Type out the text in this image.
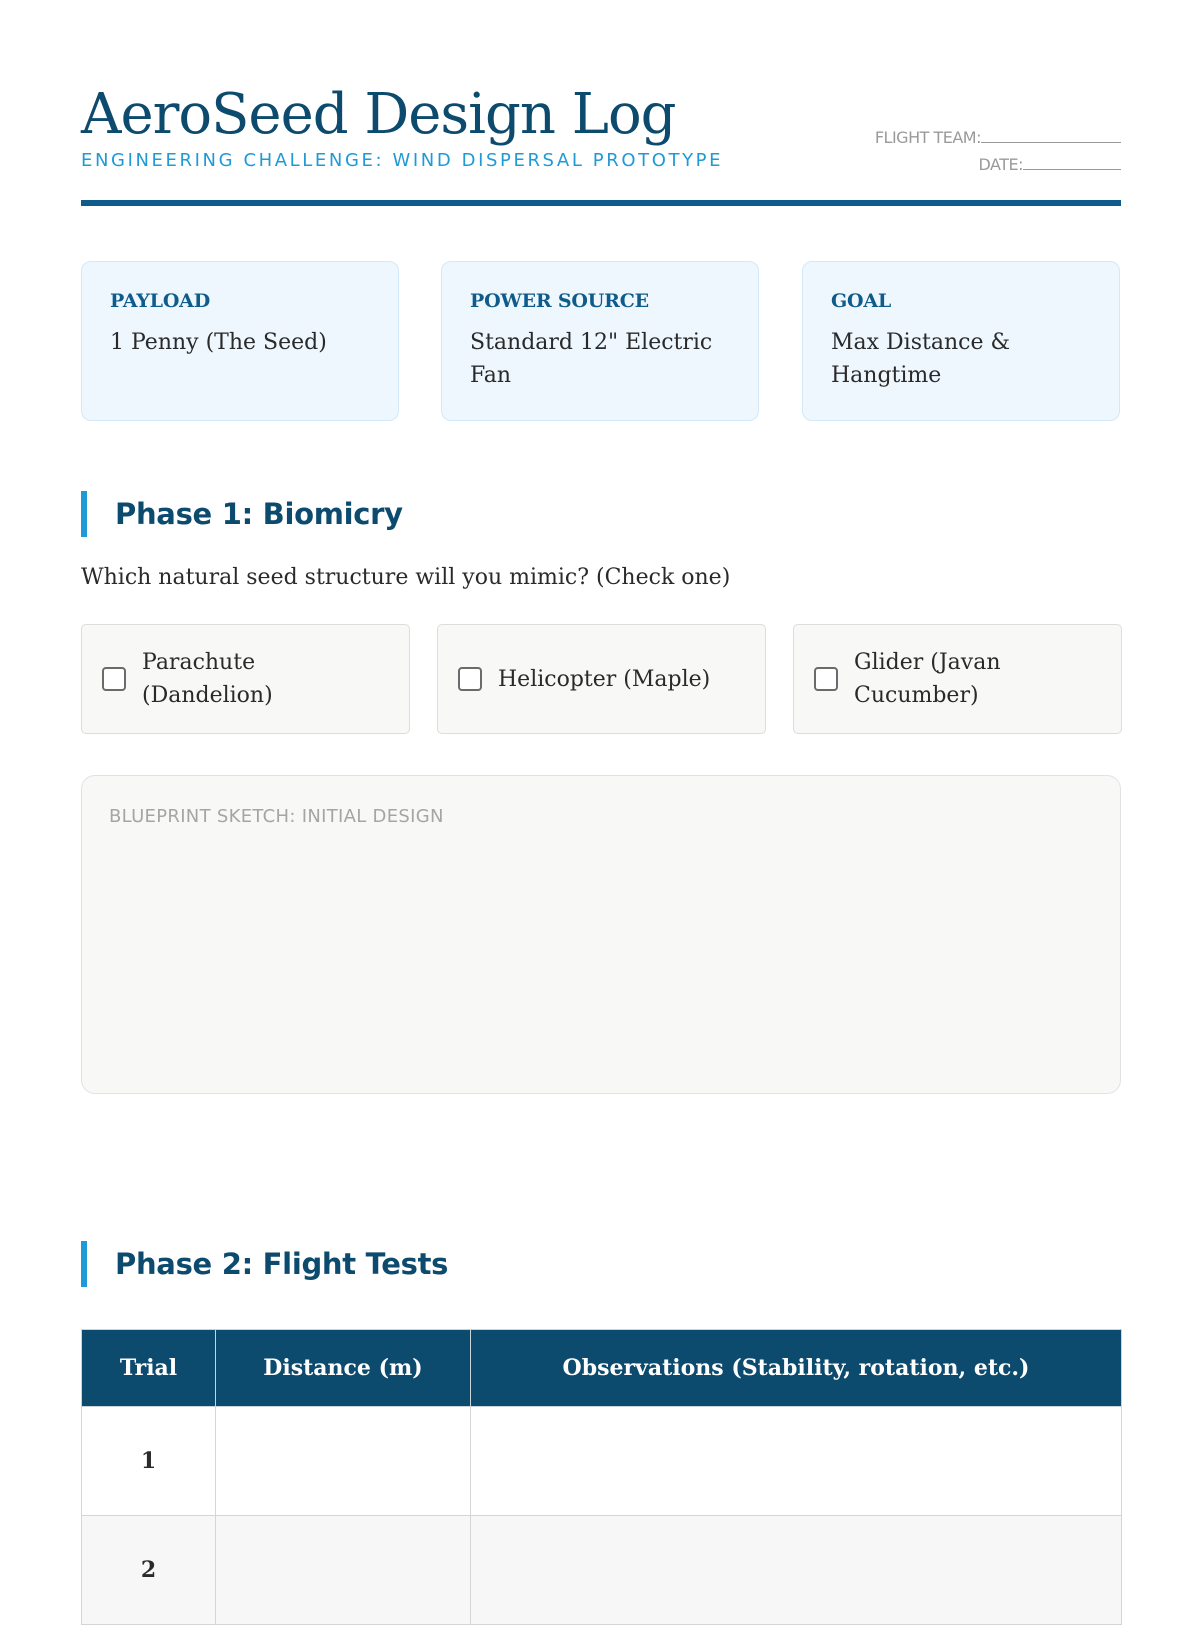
AeroSeed Design Log
ENGINEERING CHALLENGE: WIND DISPERSAL PROTOTYPE
FLIGHT TEAM:
DATE:
PAYLOAD
1 Penny (The Seed)
POWER SOURCE
Standard 12" Electric Fan
GOAL
Max Distance & Hangtime
Phase 1: Biomicry
Which natural seed structure will you mimic? (Check one)
Parachute (Dandelion)
Helicopter (Maple)
Glider (Javan Cucumber)
BLUEPRINT SKETCH: INITIAL DESIGN
Phase 2: Flight Tests
Trial	Distance (m)	Observations (Stability, rotation, etc.)
1		
2		
